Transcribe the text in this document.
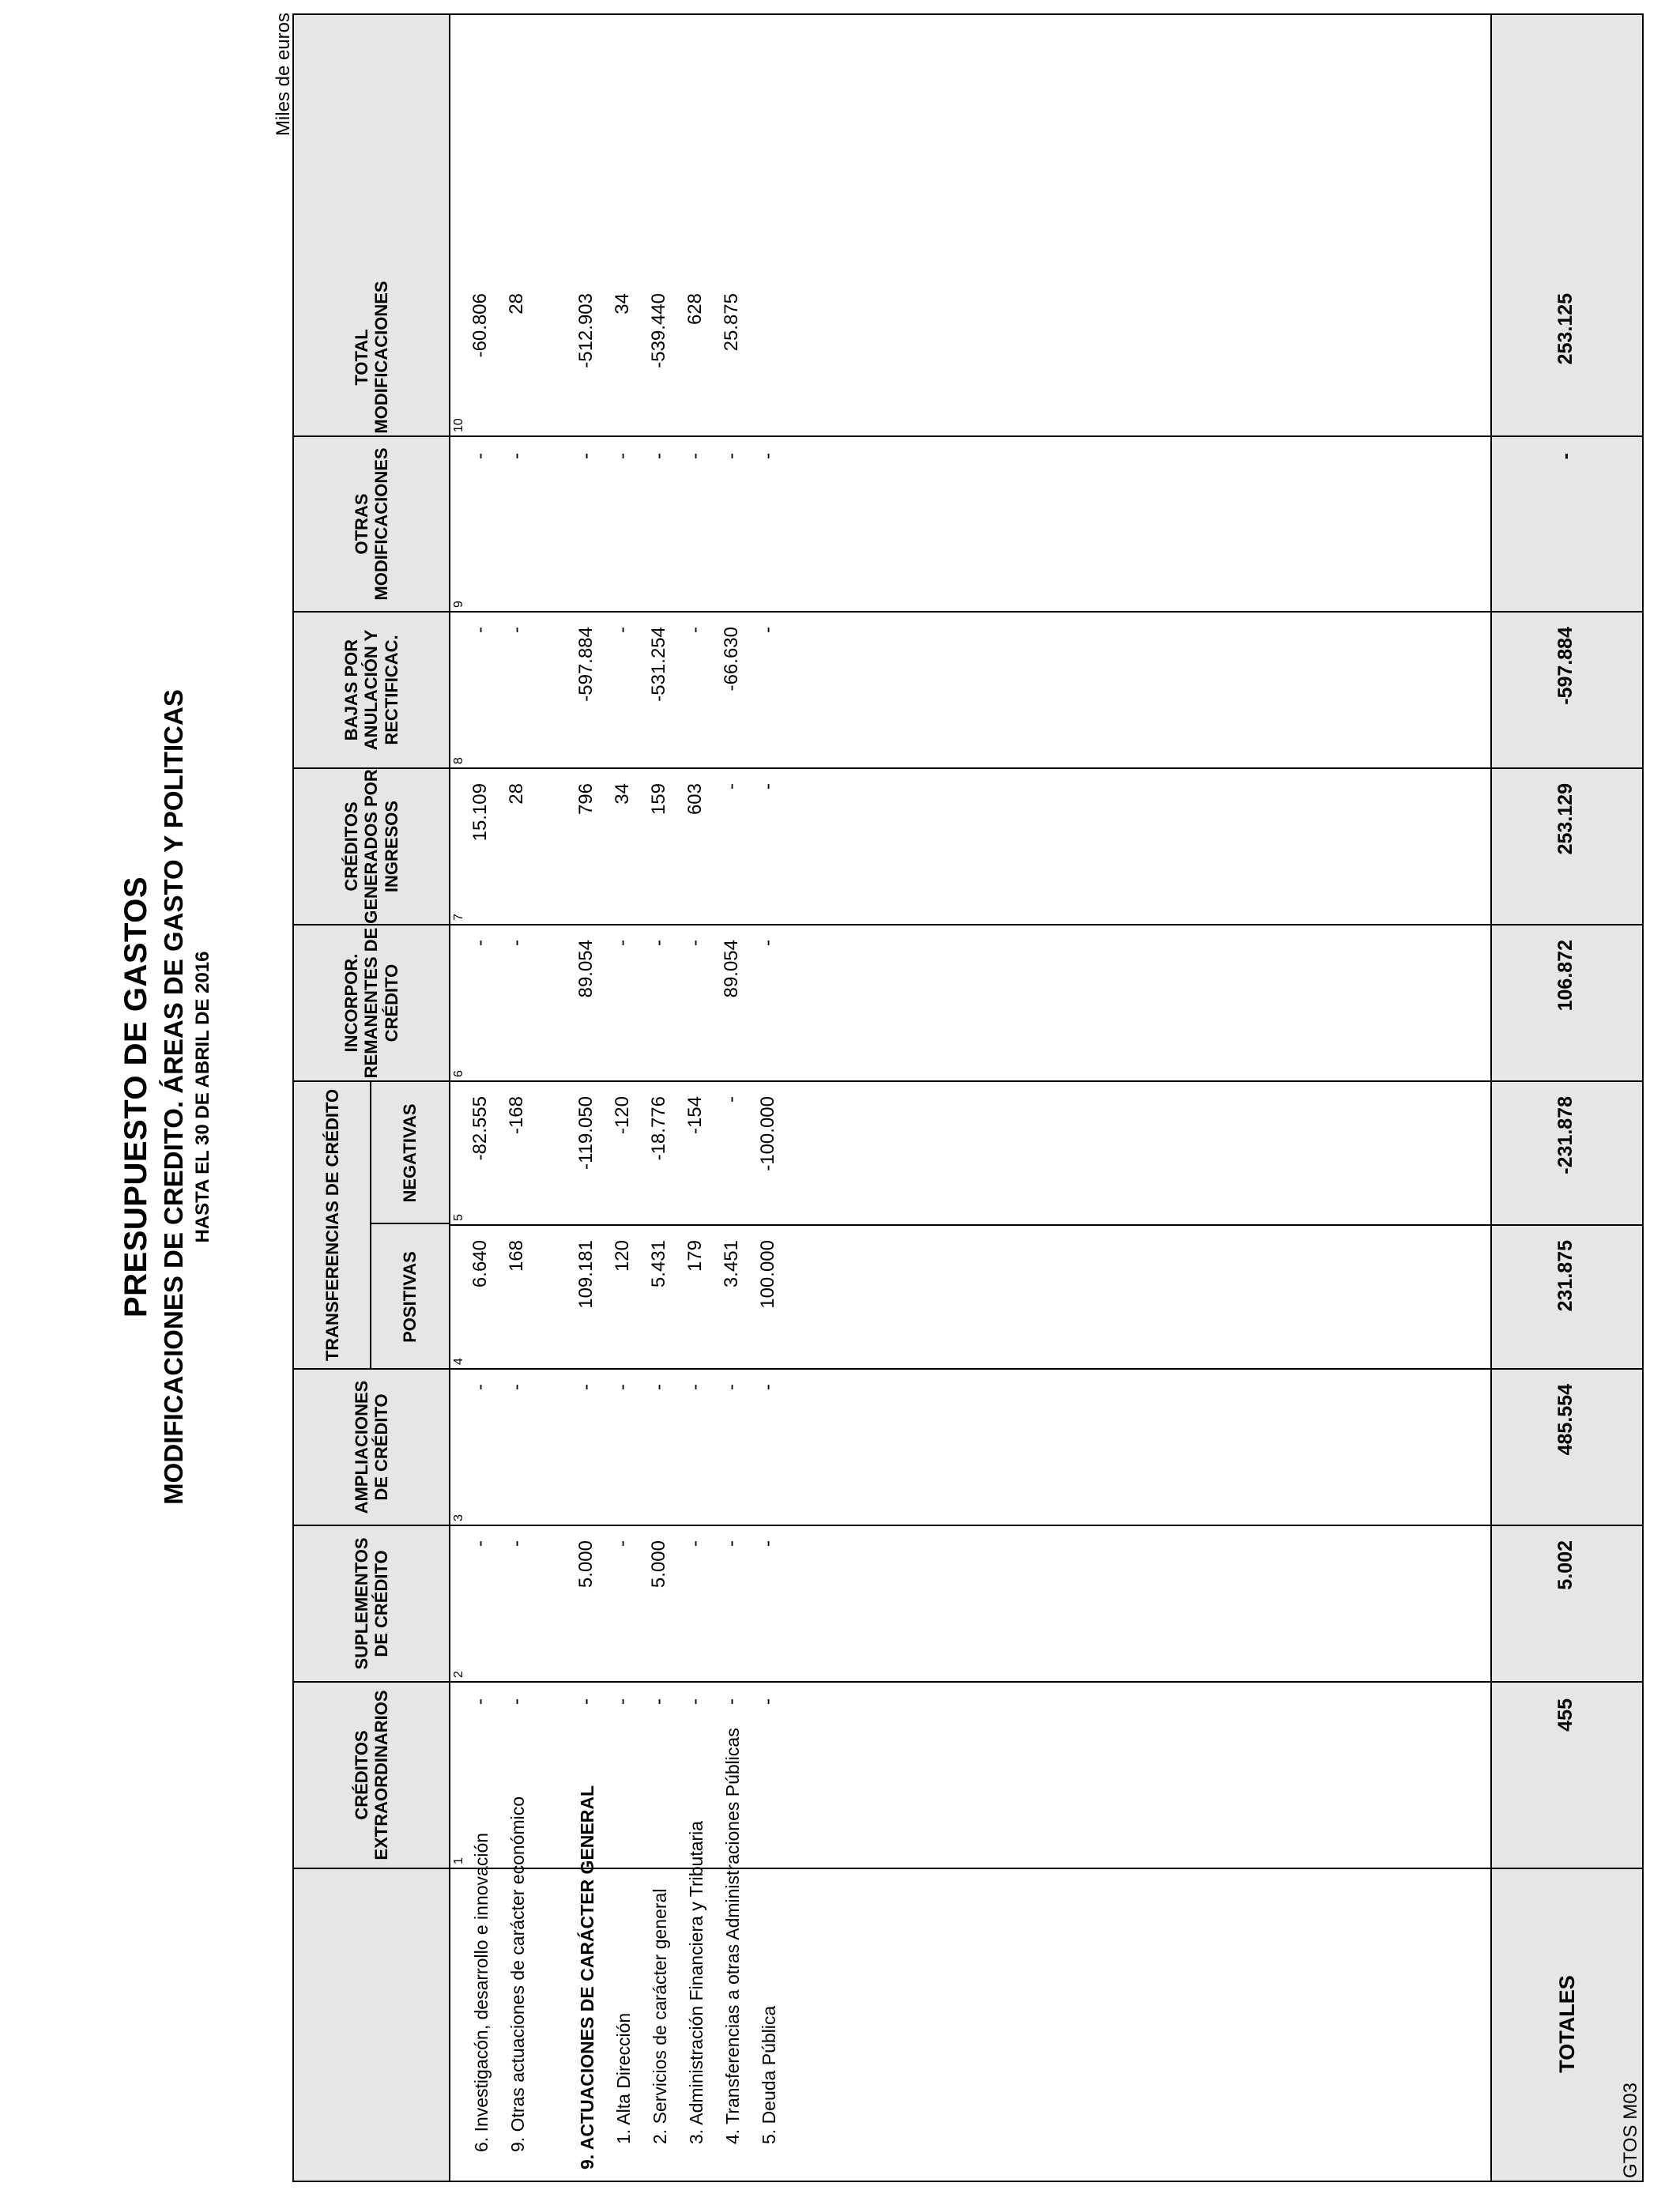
PRESUPUESTO DE GASTOS MODIFICACIONES DE CREDITO. ÁREAS DE GASTO Y POLITICAS HASTA EL 30 DE ABRIL DE 2016
Miles de euros
CRÉDITOS EXTRAORDINARIOS
SUPLEMENTOS DE CRÉDITO
AMPLIACIONES DE CRÉDITO
TRANSFERENCIAS DE CRÉDITO	POSITIVAS
NEGATIVAS
INCORPOR. REMANENTES DE CRÉDITO
CRÉDITOS GENERADOS POR INGRESOS
BAJAS POR ANULACIÓN Y RECTIFICAC.
OTRAS MODIFICACIONES
TOTAL MODIFICACIONES
1
2
3
4
5
6
7
8
9
10
6. Investigacón, desarrollo e innovación 9. Otras actuaciones de carácter económico	9. ACTUACIONES DE CARÁCTER GENERAL 1. Alta Dirección 2. Servicios de carácter general 3. Administración Financiera y Tributaria 4. Transferencias a otras Administraciones Públicas 5. Deuda Pública
-
-
-
6.640
-82.555
-
15.109
-
-
-60.806
-
-
-
168
-168
-
28
-
-
28
-
5.000
-
109.181
-119.050
89.054
796
-597.884
-
-512.903
-
-
-
120
-120
-
34
-
-
34
-
5.000
-
5.431
-18.776
-
159
-531.254
-
-539.440
-
-
-
179
-154
-
603
-
-
628
-
-
-
3.451
-
89.054
-
-66.630
-
25.875
-
-
-
100.000
-100.000
-
-
-
-
TOTALES
455
5.002
485.554
231.875
-231.878
106.872
253.129
-597.884
-
253.125
GTOS M03
